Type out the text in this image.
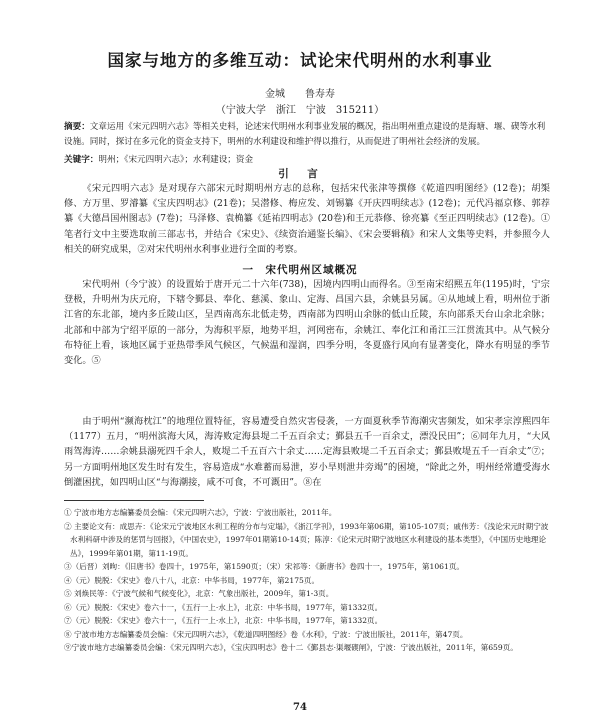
国家与地方的多维互动：试论宋代明州的水利事业
金城　　鲁寿寿
（宁波大学　浙江　宁波　315211）
摘要：文章运用《宋元四明六志》等相关史料，论述宋代明州水利事业发展的概况，指出明州重点建设的是海塘、堰、碶等水利设施。同时，探讨在多元化的资金支持下，明州的水利建设和维护得以推行，从而促进了明州社会经济的发展。
关键字：明州；《宋元四明六志》；水利建设；资金
引　言
《宋元四明六志》是对现存六部宋元时期明州方志的总称，包括宋代张津等撰修《乾道四明图经》(12卷)；胡榘修、方万里、罗濬纂《宝庆四明志》(21卷)；吴潜修、梅应发、刘锡纂《开庆四明续志》(12卷)；元代冯福京修、郭荐纂《大德昌国州图志》(7卷)；马泽修、袁桷纂《延祐四明志》(20卷)和王元恭修、徐亮纂《至正四明续志》(12卷)。①笔者行文中主要选取前三部志书，并结合《宋史》、《续资治通鉴长编》、《宋会要辑稿》和宋人文集等史料，并参照今人相关的研究成果，②对宋代明州水利事业进行全面的考察。
一　宋代明州区域概况
宋代明州（今宁波）的设置始于唐开元二十六年(738)，因境内四明山而得名。③至南宋绍熙五年(1195)时，宁宗登极，升明州为庆元府，下辖令鄞县、奉化、慈溪、象山、定海、昌国六县，余姚县另属。④从地域上看，明州位于浙江省的东北部，境内多丘陵山区，呈西南高东北低走势，西南部为四明山余脉的低山丘陵，东向部系天台山余北余脉；北部和中部为宁绍平原的一部分，为海积平原，地势平坦，河网密布，余姚江、奉化江和甬江三江贯流其中。从气候分布特征上看，该地区属于亚热带季风气候区，气候温和湿润，四季分明，冬夏盛行风向有显著变化，降水有明显的季节变化。⑤
由于明州“濒海枕江”的地理位置特征，容易遭受自然灾害侵袭，一方面夏秋季节海潮灾害频发，如宋孝宗淳熙四年（1177）五月，“明州滨海大风，海涛败定海县堤二千五百余丈；鄞县五千一百余丈，漂没民田”；⑥同年九月，“大风雨驾海涛……余姚县溺死四千余人，败堤二千五百六十余丈……定海县败堤二千五百余丈；鄞县败堤五千一百余丈”⑦；另一方面明州地区发生时有发生，容易造成“水难蓄而易泄，岁小旱则泄井旁竭”的困境，“除此之外，明州经常遭受海水倒灌困扰，如四明山区“与海潮接，咸不可食，不可溉田”。⑧在

① 宁波市地方志编纂委员会编：《宋元四明六志》，宁波：宁波出版社，2011年。

② 主要论文有：成思卉：《论宋元宁波地区水利工程的分布与定塌》，《浙江学刊》，1993年第06期，第105-107页；戚伟芳：《浅论宋元时期宁波水利科研中涉及的惩罚与回报》，《中国农史》，1997年01期第10-14页；陈淳：《论宋元时期宁波地区水利建设的基本类型》，《中国历史地理论丛》，1999年第01期，第11-19页。

③（后晋）刘昫：《旧唐书》卷四十，1975年，第1590页；（宋）宋祁等：《新唐书》卷四十一，1975年，第1061页。

④（元）脱脱：《宋史》卷八十八，北京：中华书局，1977年，第2175页。

⑤ 刘焕民等：《宁波气候和气候变化》，北京：气象出版社，2009年，第1-3页。

⑥（元）脱脱：《宋史》卷六十一，《五行一上·水上》，北京：中华书局，1977年，第1332页。

⑦（元）脱脱：《宋史》卷六十一，《五行一上·水上》，北京：中华书局，1977年，第1332页。

⑧ 宁波市地方志编纂委员会编：《宋元四明六志》，《乾道四明图经》卷《水利》，宁波：宁波出版社，2011年，第47页。

⑨宁波市地方志编纂委员会编：《宋元四明六志》，《宝庆四明志》卷十二《鄞县志·渠堰碶闸》，宁波：宁波出版社，2011年，第659页。

74
